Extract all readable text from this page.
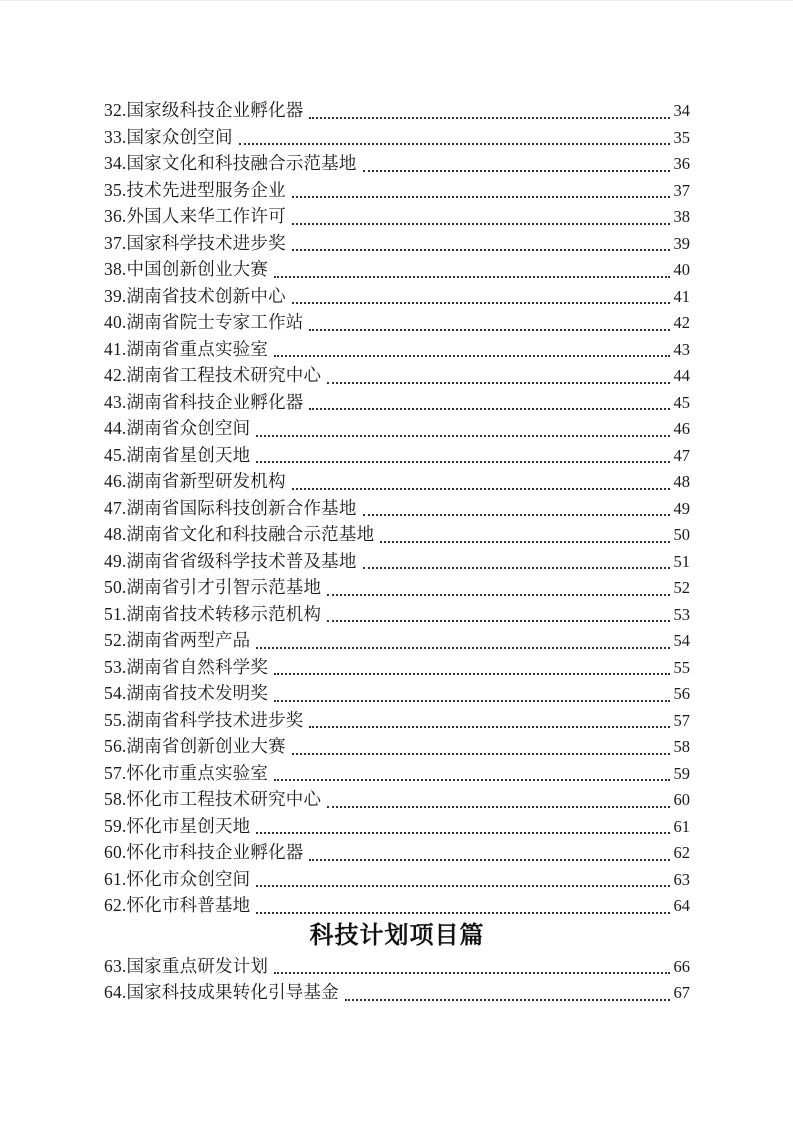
32.国家级科技企业孵化器	34
33.国家众创空间	35
34.国家文化和科技融合示范基地	36
35.技术先进型服务企业	37
36.外国人来华工作许可	38
37.国家科学技术进步奖	39
38.中国创新创业大赛	40
39.湖南省技术创新中心	41
40.湖南省院士专家工作站	42
41.湖南省重点实验室	43
42.湖南省工程技术研究中心	44
43.湖南省科技企业孵化器	45
44.湖南省众创空间	46
45.湖南省星创天地	47
46.湖南省新型研发机构	48
47.湖南省国际科技创新合作基地	49
48.湖南省文化和科技融合示范基地	50
49.湖南省省级科学技术普及基地	51
50.湖南省引才引智示范基地	52
51.湖南省技术转移示范机构	53
52.湖南省两型产品	54
53.湖南省自然科学奖	55
54.湖南省技术发明奖	56
55.湖南省科学技术进步奖	57
56.湖南省创新创业大赛	58
57.怀化市重点实验室	59
58.怀化市工程技术研究中心	60
59.怀化市星创天地	61
60.怀化市科技企业孵化器	62
61.怀化市众创空间	63
62.怀化市科普基地	64
科技计划项目篇
63.国家重点研发计划	66
64.国家科技成果转化引导基金	67
